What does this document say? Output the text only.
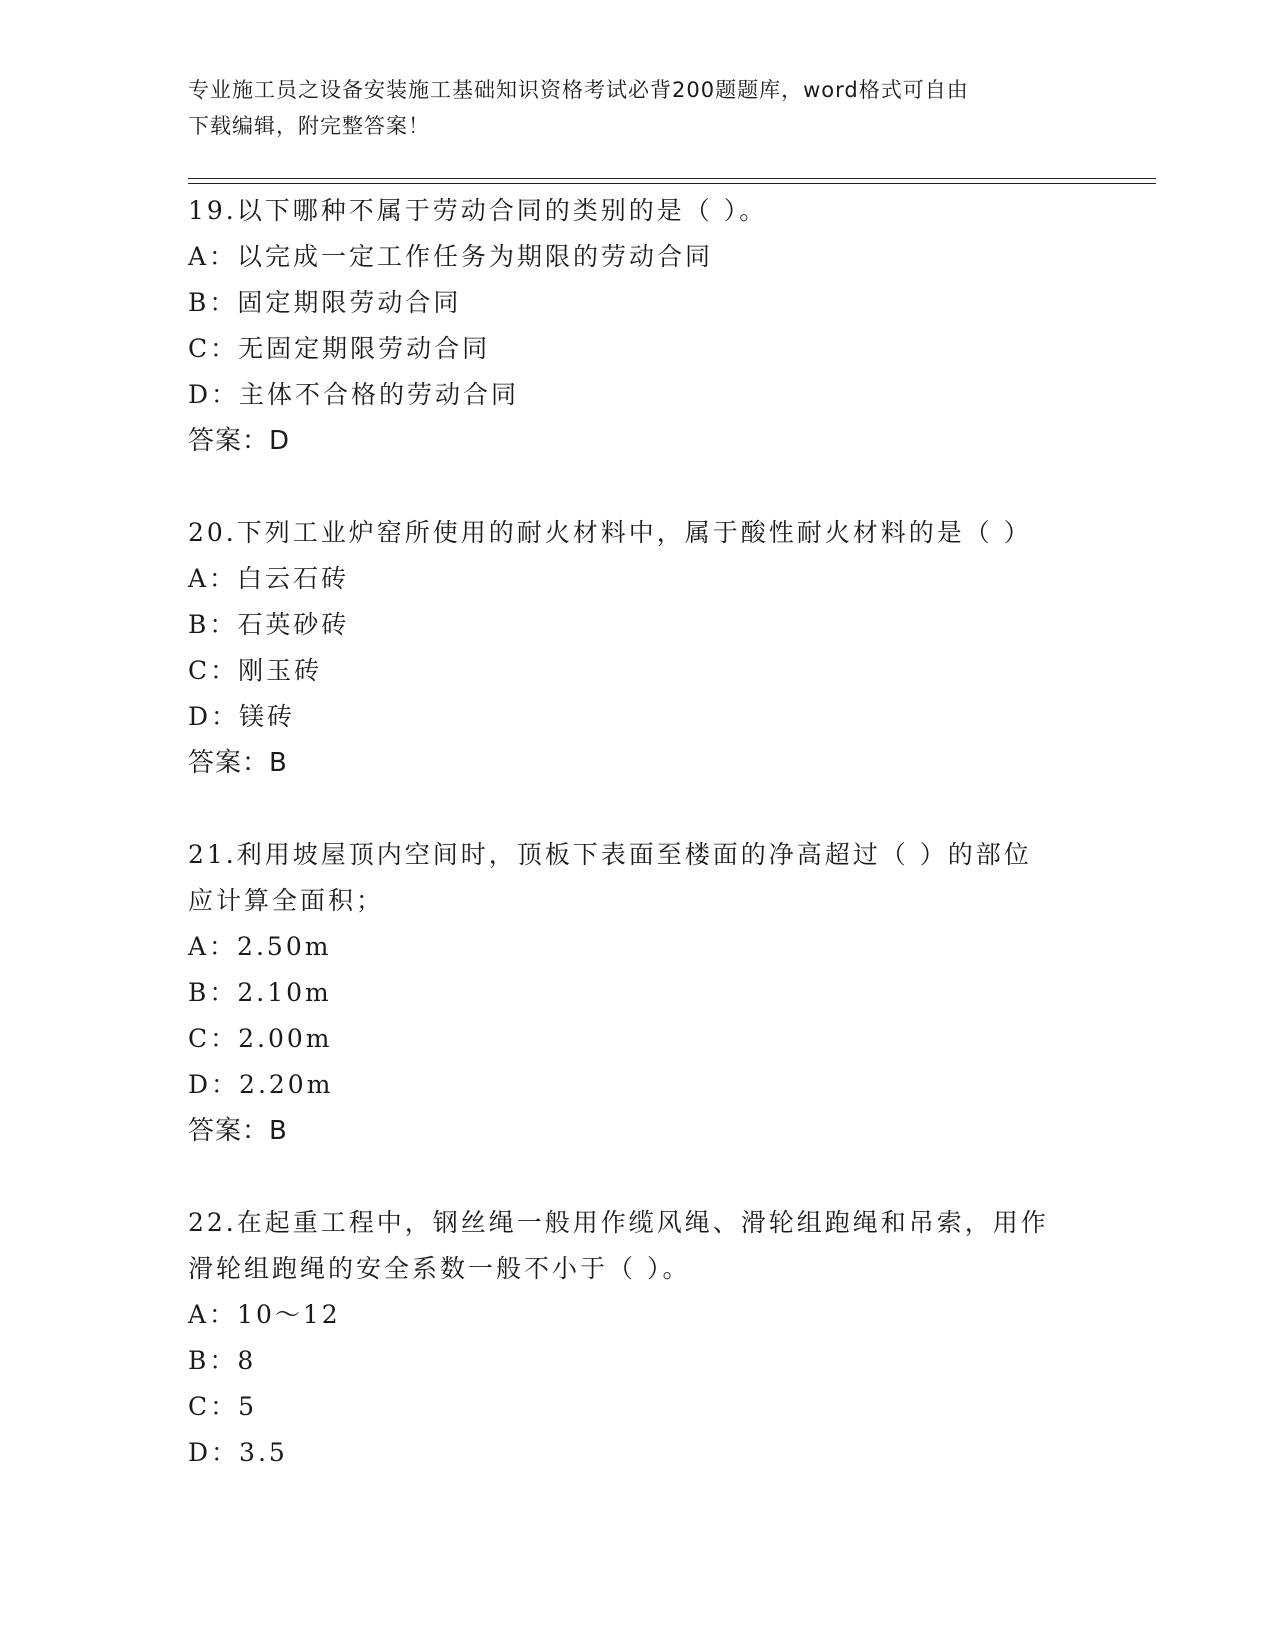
专业施工员之设备安装施工基础知识资格考试必背200题题库，word格式可自由
下载编辑，附完整答案！

19.以下哪种不属于劳动合同的类别的是（ ）。

A：以完成一定工作任务为期限的劳动合同

B：固定期限劳动合同

C：无固定期限劳动合同

D：主体不合格的劳动合同

答案：D

20.下列工业炉窑所使用的耐火材料中，属于酸性耐火材料的是（ ）

A：白云石砖

B：石英砂砖

C：刚玉砖

D：镁砖

答案：B

21.利用坡屋顶内空间时，顶板下表面至楼面的净高超过（ ）的部位

应计算全面积；

A：2.50m

B：2.10m

C：2.00m

D：2.20m

答案：B

22.在起重工程中，钢丝绳一般用作缆风绳、滑轮组跑绳和吊索，用作

滑轮组跑绳的安全系数一般不小于（ ）。

A：10～12

B：8

C：5

D：3.5
